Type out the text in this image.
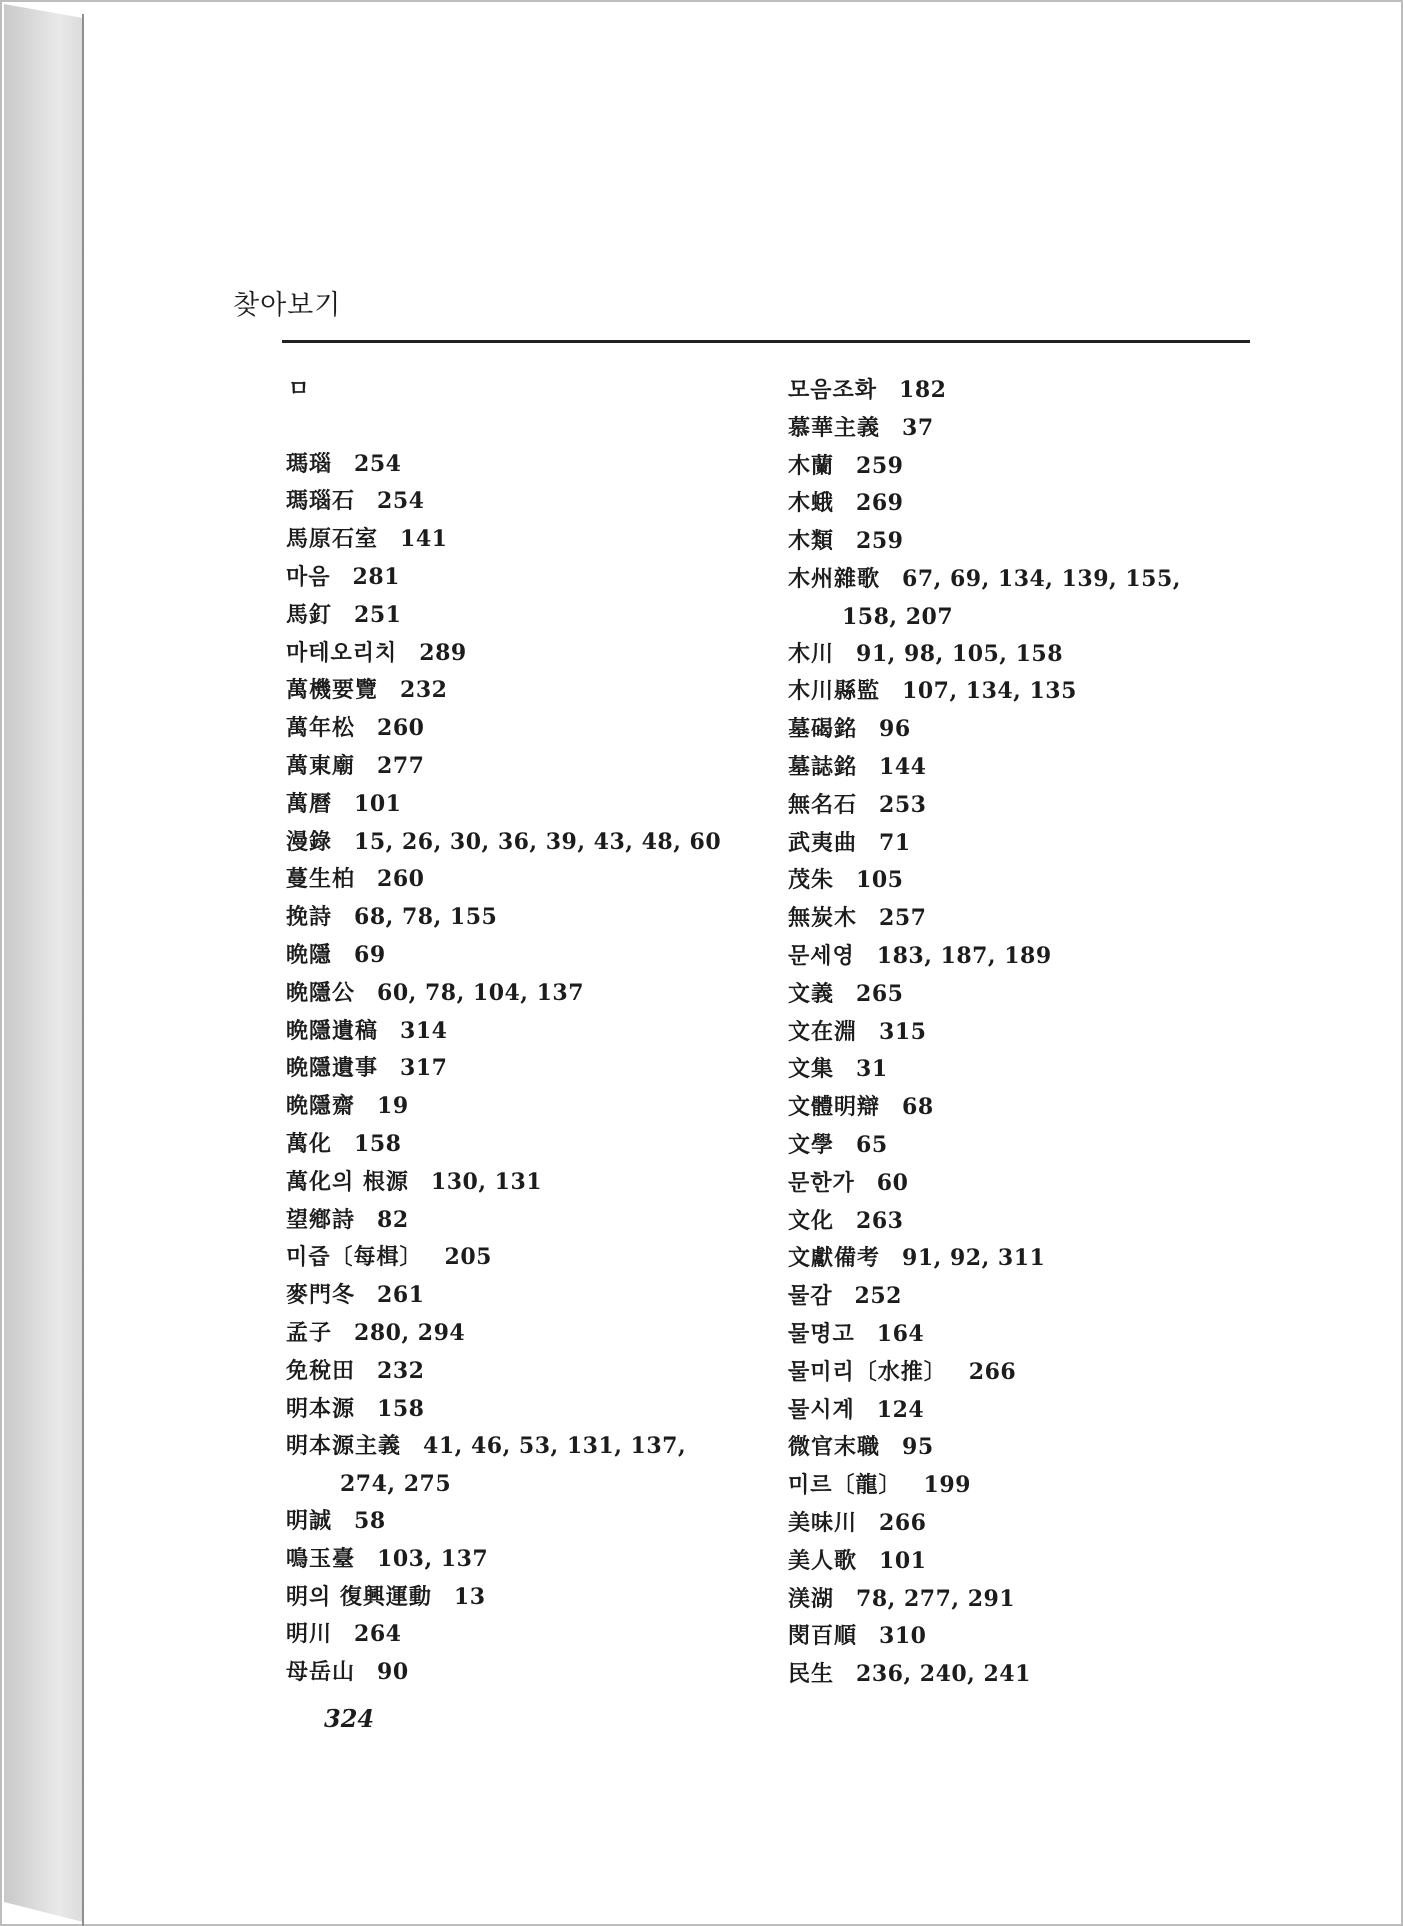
찾아보기
ㅁ
瑪瑙 254
瑪瑙石 254
馬原石室 141
마음 281
馬釘 251
마테오리치 289
萬機要覽 232
萬年松 260
萬東廟 277
萬曆 101
漫錄 15, 26, 30, 36, 39, 43, 48, 60
蔓生柏 260
挽詩 68, 78, 155
晩隱 69
晩隱公 60, 78, 104, 137
晩隱遺稿 314
晩隱遺事 317
晩隱齋 19
萬化 158
萬化의 根源 130, 131
望鄕詩 82
미즙〔每楫〕 205
麥門冬 261
孟子 280, 294
免稅田 232
明本源 158
明本源主義 41, 46, 53, 131, 137,
274, 275
明誠 58
鳴玉臺 103, 137
明의 復興運動 13
明川 264
母岳山 90
모음조화 182
慕華主義 37
木蘭 259
木蛾 269
木類 259
木州雜歌 67, 69, 134, 139, 155,
158, 207
木川 91, 98, 105, 158
木川縣監 107, 134, 135
墓碣銘 96
墓誌銘 144
無名石 253
武夷曲 71
茂朱 105
無炭木 257
문세영 183, 187, 189
文義 265
文在淵 315
文集 31
文體明辯 68
文學 65
문한가 60
文化 263
文獻備考 91, 92, 311
물감 252
물명고 164
물미리〔水推〕 266
물시계 124
微官末職 95
미르〔龍〕 199
美味川 266
美人歌 101
渼湖 78, 277, 291
閔百順 310
民生 236, 240, 241
324
